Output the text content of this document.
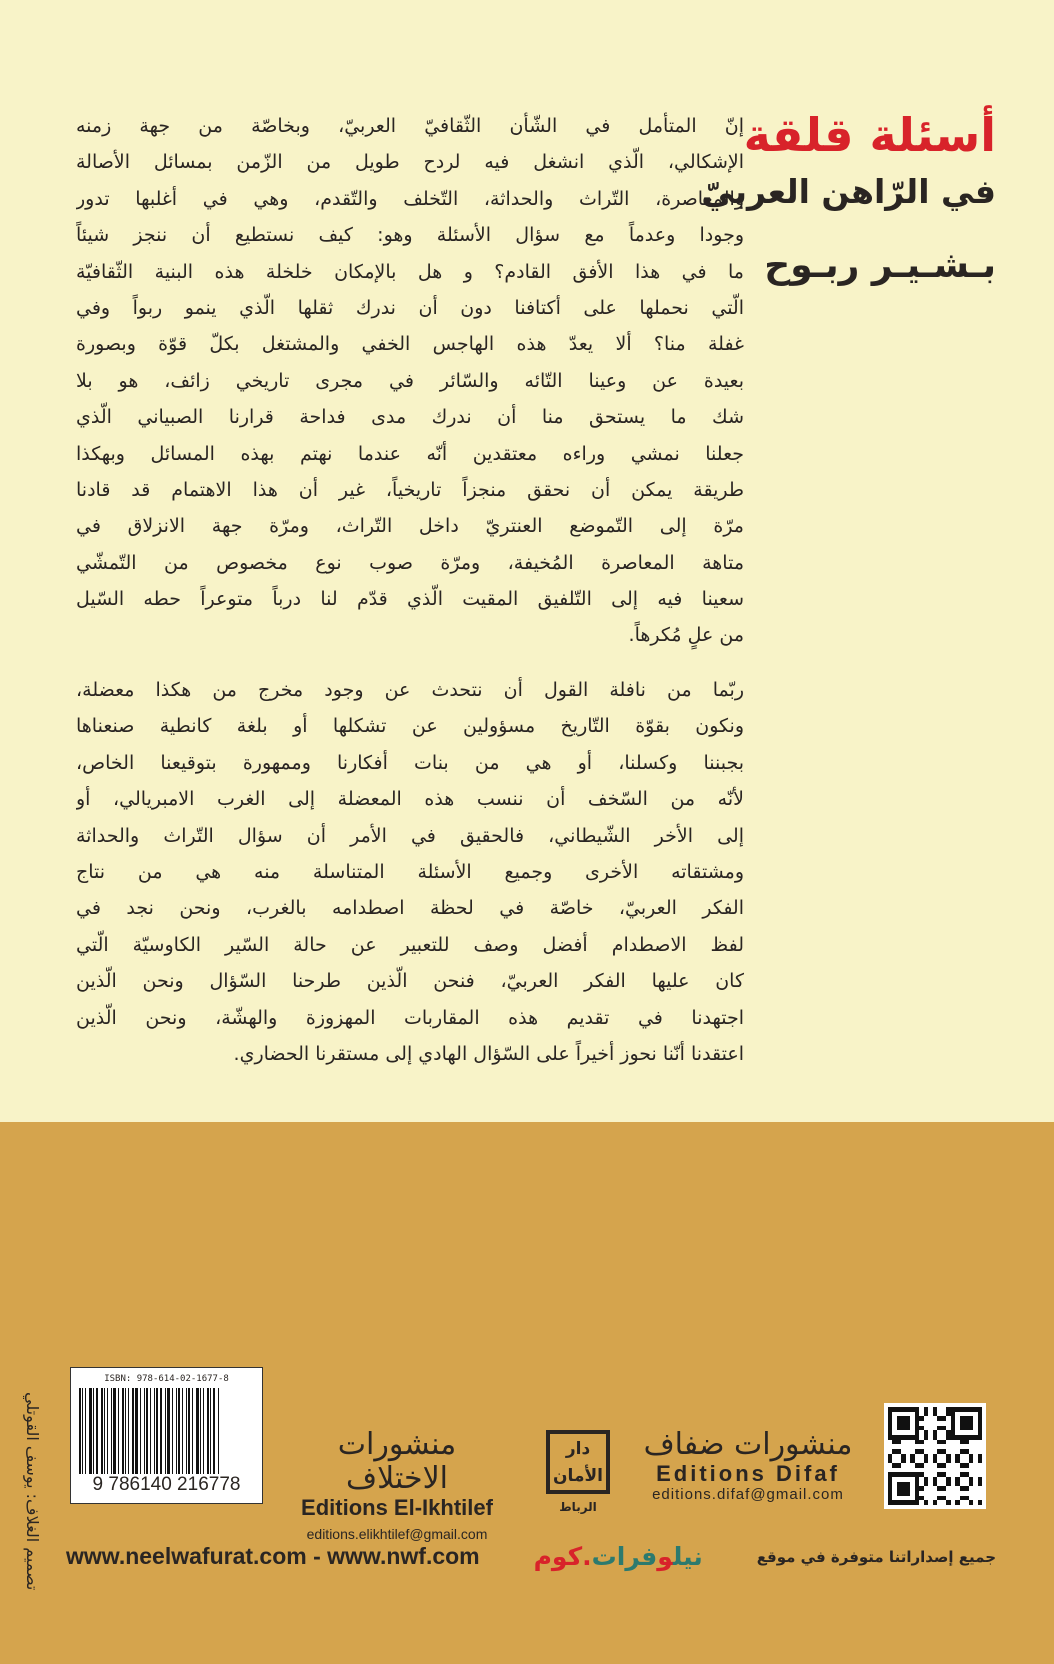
أسئلة قلقة
في الرّاهن العربيّ
بـشـيـر ربـوح
إنّ المتأمل في الشّأن الثّقافيّ العربيّ، وبخاصّة من جهة زمنه
الإشكالي، الّذي انشغل فيه لردح طويل من الزّمن بمسائل الأصالة
والمعاصرة، التّراث والحداثة، التّخلف والتّقدم، وهي في أغلبها تدور
وجودا وعدماً مع سؤال الأسئلة وهو: كيف نستطيع أن ننجز شيئاً
ما في هذا الأفق القادم؟ و هل بالإمكان خلخلة هذه البنية الثّقافيّة
الّتي نحملها على أكتافنا دون أن ندرك ثقلها الّذي ينمو ربواً وفي
غفلة منا؟ ألا يعدّ هذه الهاجس الخفي والمشتغل بكلّ قوّة وبصورة
بعيدة عن وعينا التّائه والسّائر في مجرى تاريخي زائف، هو بلا
شك ما يستحق منا أن ندرك مدى فداحة قرارنا الصبياني الّذي
جعلنا نمشي وراءه معتقدين أنّه عندما نهتم بهذه المسائل وبهكذا
طريقة يمكن أن نحقق منجزاً تاريخياً، غير أن هذا الاهتمام قد قادنا
مرّة إلى التّموضع العنتريّ داخل التّراث، ومرّة جهة الانزلاق في
متاهة المعاصرة المُخيفة، ومرّة صوب نوع مخصوص من التّمشّي
سعينا فيه إلى التّلفيق المقيت الّذي قدّم لنا درباً متوعراً حطه السّيل
من علٍ مُكرهاً.
ربّما من نافلة القول أن نتحدث عن وجود مخرج من هكذا معضلة،
ونكون بقوّة التّاريخ مسؤولين عن تشكلها أو بلغة كانطية صنعناها
بجبننا وكسلنا، أو هي من بنات أفكارنا وممهورة بتوقيعنا الخاص،
لأنّه من السّخف أن ننسب هذه المعضلة إلى الغرب الامبريالي، أو
إلى الأخر الشّيطاني، فالحقيق في الأمر أن سؤال التّراث والحداثة
ومشتقاته الأخرى وجميع الأسئلة المتناسلة منه هي من نتاج
الفكر العربيّ، خاصّة في لحظة اصطدامه بالغرب، ونحن نجد في
لفظ الاصطدام أفضل وصف للتعبير عن حالة السّير الكاوسيّة الّتي
كان عليها الفكر العربيّ، فنحن الّذين طرحنا السّؤال ونحن الّذين
اجتهدنا في تقديم هذه المقاربات المهزوزة والهشّة، ونحن الّذين
اعتقدنا أنّنا نحوز أخيراً على السّؤال الهادي إلى مستقرنا الحضاري.
تصميم الغلاف: يوسف القوتلي
ISBN: 978-614-02-1677-8
9 786140 216778
منشورات الاختلاف
Editions El-Ikhtilef
editions.elikhtilef@gmail.com
دار الأمان
الرباط
منشورات ضفاف
Editions Difaf
editions.difaf@gmail.com
www.neelwafurat.com - www.nwf.com	نيلوفرات.كوم	جميع إصداراتنا متوفرة في موقع
